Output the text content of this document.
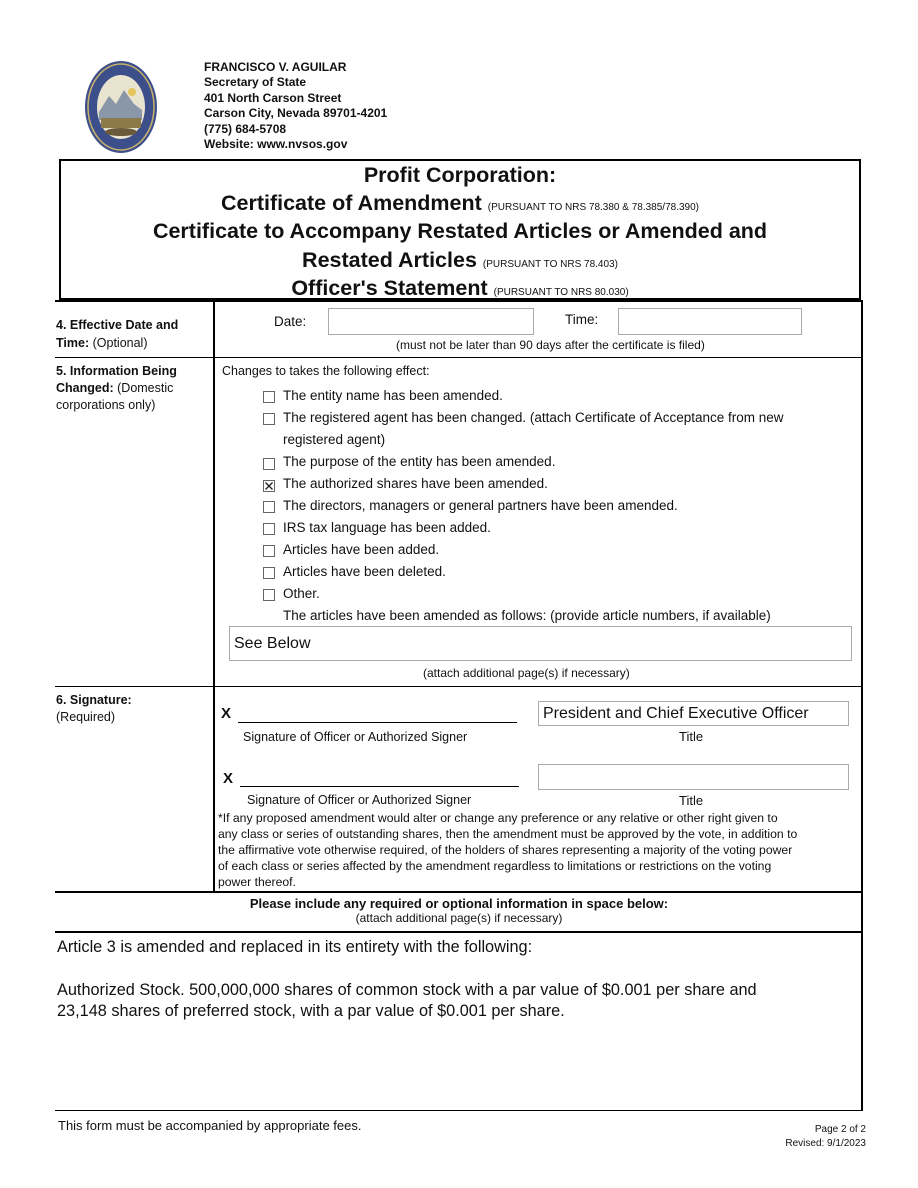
FRANCISCO V. AGUILAR
Secretary of State
401 North Carson Street
Carson City, Nevada 89701-4201
(775) 684-5708
Website: www.nvsos.gov
Profit Corporation:
Certificate of Amendment (PURSUANT TO NRS 78.380 & 78.385/78.390)
Certificate to Accompany Restated Articles or Amended and
Restated Articles (PURSUANT TO NRS 78.403)
Officer's Statement (PURSUANT TO NRS 80.030)
4. Effective Date and
Time: (Optional)
Date:	Time:
(must not be later than 90 days after the certificate is filed)
5. Information Being
Changed: (Domestic
corporations only)
Changes to takes the following effect:
The entity name has been amended.
The registered agent has been changed. (attach Certificate of Acceptance from new
registered agent)
The purpose of the entity has been amended.
The authorized shares have been amended.
The directors, managers or general partners have been amended.
IRS tax language has been added.
Articles have been added.
Articles have been deleted.
Other.
The articles have been amended as follows: (provide article numbers, if available)
See Below
(attach additional page(s) if necessary)
6. Signature:
(Required)	X
Signature of Officer or Authorized Signer
President and Chief Executive Officer
Title
X
Signature of Officer or Authorized Signer	Title
*If any proposed amendment would alter or change any preference or any relative or other right given to
any class or series of outstanding shares, then the amendment must be approved by the vote, in addition to
the affirmative vote otherwise required, of the holders of shares representing a majority of the voting power
of each class or series affected by the amendment regardless to limitations or restrictions on the voting
power thereof.
Please include any required or optional information in space below:
(attach additional page(s) if necessary)
Article 3 is amended and replaced in its entirety with the following:
Authorized Stock. 500,000,000 shares of common stock with a par value of $0.001 per share and
23,148 shares of preferred stock, with a par value of $0.001 per share.
This form must be accompanied by appropriate fees.	Page 2 of 2
Revised: 9/1/2023
